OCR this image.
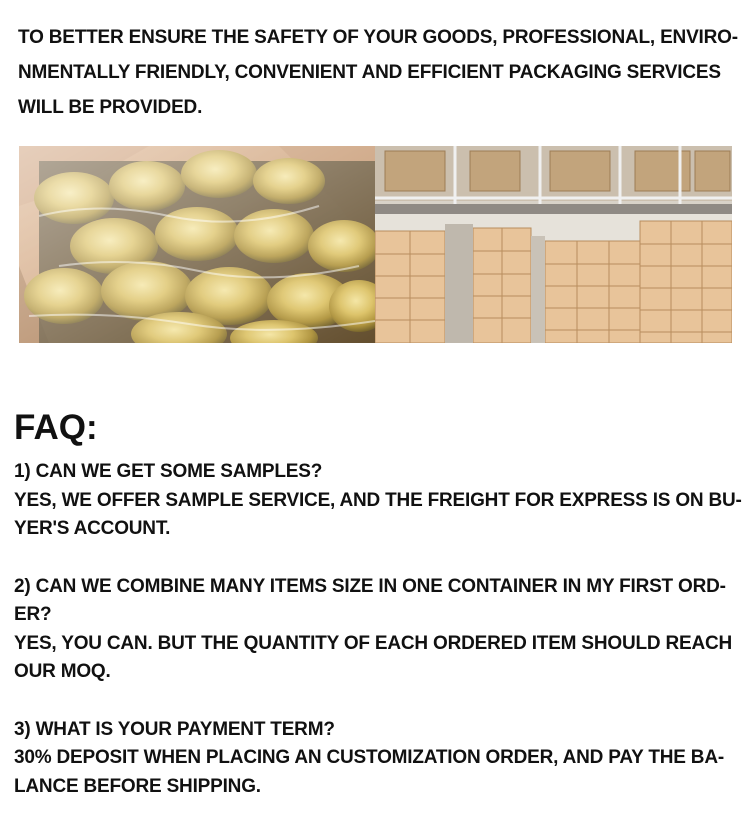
TO BETTER ENSURE THE SAFETY OF YOUR GOODS, PROFESSIONAL, ENVIRO-
NMENTALLY FRIENDLY, CONVENIENT AND EFFICIENT PACKAGING SERVICES
WILL BE PROVIDED.
FAQ:
1) CAN WE GET SOME SAMPLES?
YES, WE OFFER SAMPLE SERVICE, AND THE FREIGHT FOR EXPRESS IS ON BU-
YER'S ACCOUNT.
2) CAN WE COMBINE MANY ITEMS SIZE IN ONE CONTAINER IN MY FIRST ORD-
ER?
YES, YOU CAN. BUT THE QUANTITY OF EACH ORDERED ITEM SHOULD REACH
OUR MOQ.
3) WHAT IS YOUR PAYMENT TERM?
30% DEPOSIT WHEN PLACING AN CUSTOMIZATION ORDER, AND PAY THE BA-
LANCE BEFORE SHIPPING.
